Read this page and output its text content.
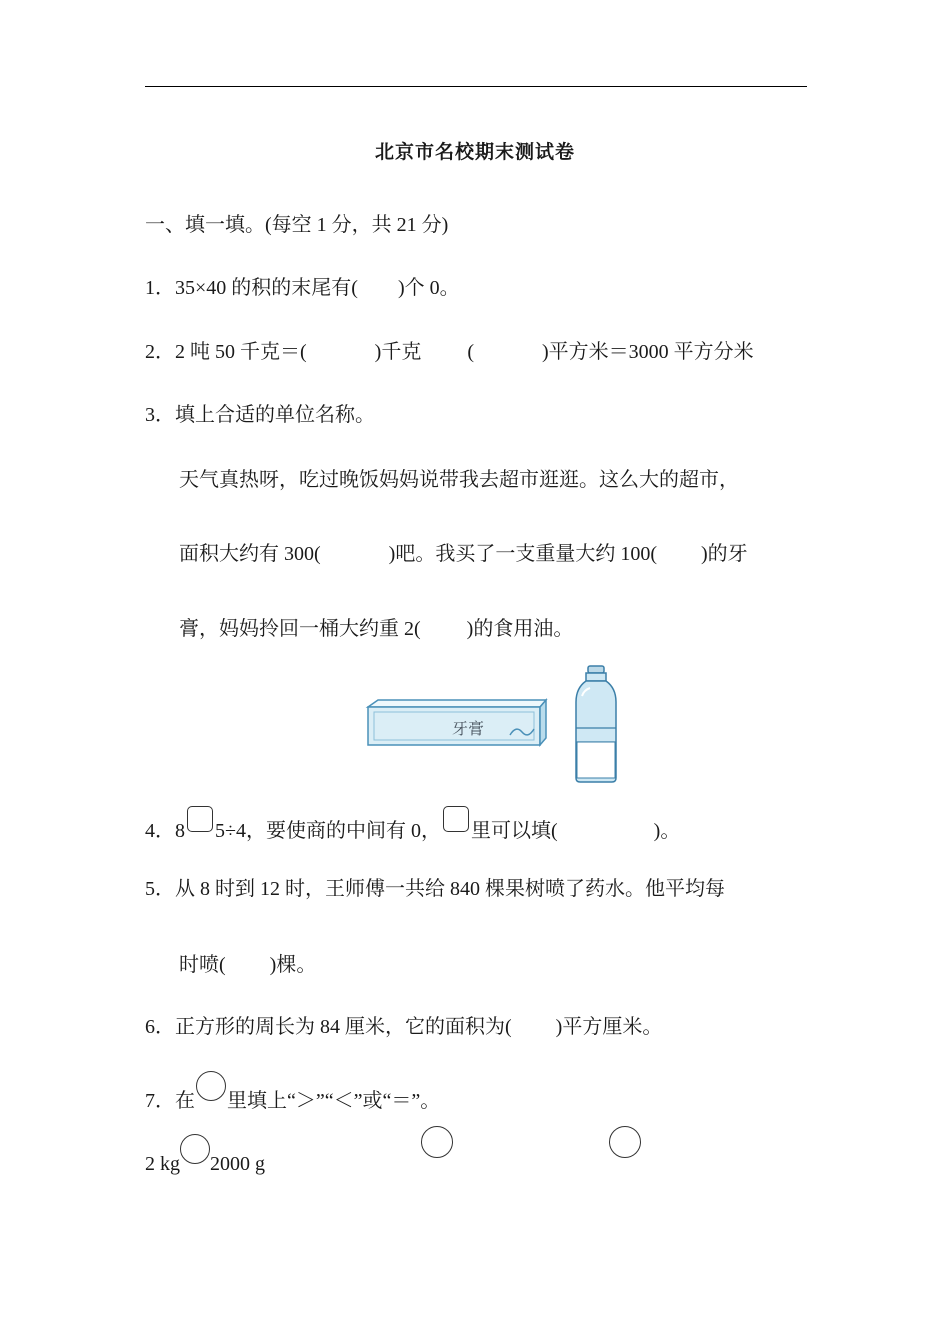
北京市名校期末测试卷
一、填一填。(每空 1 分，共 21 分)
1．35×40 的积的末尾有( )个 0。
2．2 吨 50 千克＝(	)千克 (	)平方米＝3000 平方分米
3．填上合适的单位名称。
天气真热呀，吃过晚饭妈妈说带我去超市逛逛。这么大的超市，
面积大约有 300(	)吧。我买了一支重量大约 100( )的牙
膏，妈妈拎回一桶大约重 2( )的食用油。
牙膏
4．8 5÷4，要使商的中间有 0， 里可以填(	)。
5．从 8 时到 12 时，王师傅一共给 840 棵果树喷了药水。他平均每
时喷( )棵。
6．正方形的周长为 84 厘米，它的面积为( )平方厘米。
7．在 里填上“＞”“＜”或“＝”。
2 kg 2000 g
